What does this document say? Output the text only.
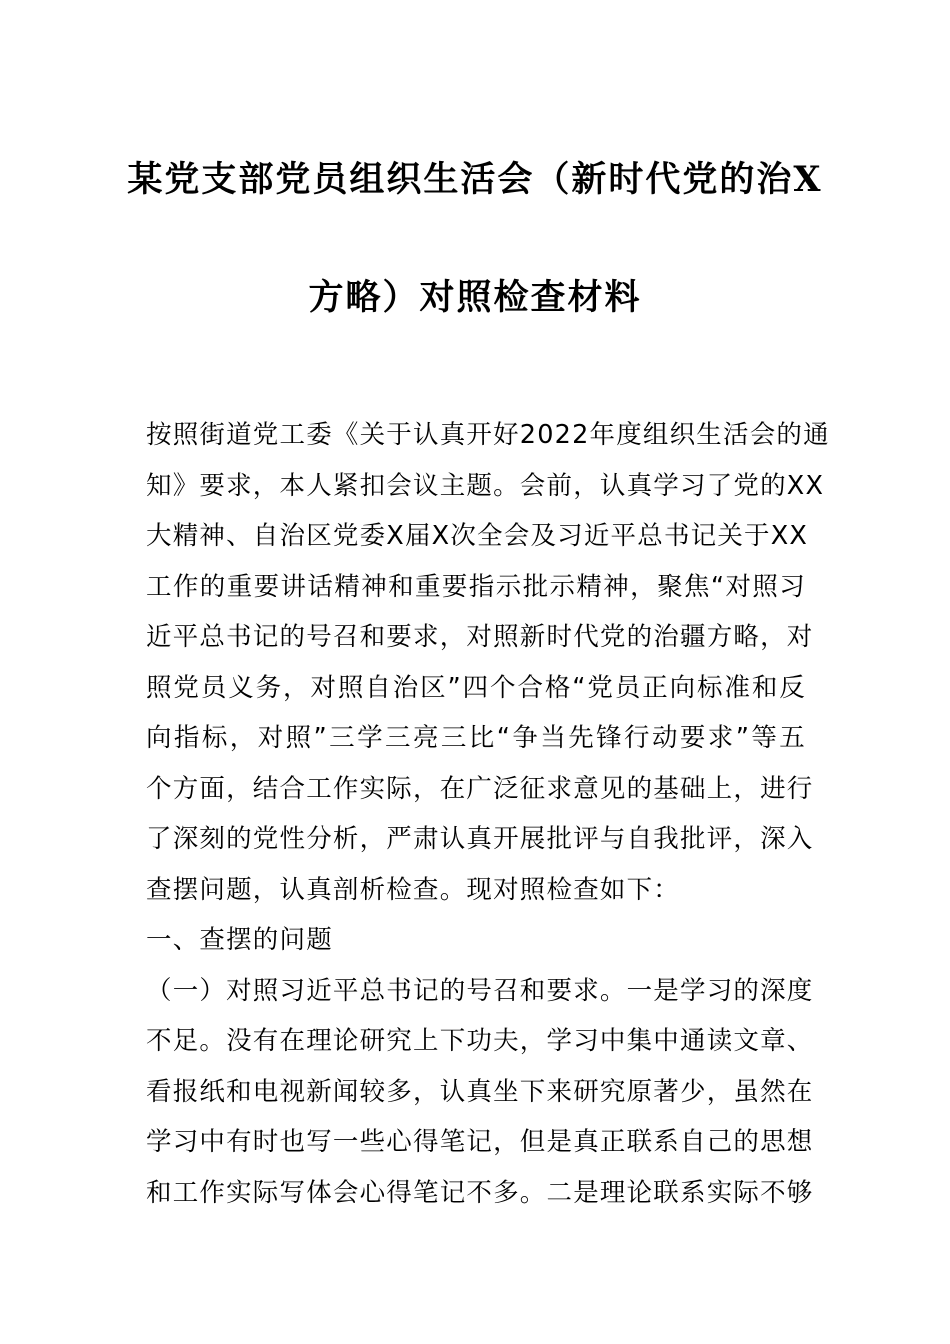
某党支部党员组织生活会（新时代党的治X
方略）对照检查材料
按照街道党工委《关于认真开好2022年度组织生活会的通
知》要求，本人紧扣会议主题。会前，认真学习了党的XX
大精神、自治区党委X届X次全会及习近平总书记关于XX
工作的重要讲话精神和重要指示批示精神，聚焦“对照习
近平总书记的号召和要求，对照新时代党的治疆方略，对
照党员义务，对照自治区”四个合格“党员正向标准和反
向指标，对照”三学三亮三比“争当先锋行动要求”等五
个方面，结合工作实际，在广泛征求意见的基础上，进行
了深刻的党性分析，严肃认真开展批评与自我批评，深入
查摆问题，认真剖析检查。现对照检查如下：
一、查摆的问题
（一）对照习近平总书记的号召和要求。一是学习的深度
不足。没有在理论研究上下功夫，学习中集中通读文章、
看报纸和电视新闻较多，认真坐下来研究原著少，虽然在
学习中有时也写一些心得笔记，但是真正联系自己的思想
和工作实际写体会心得笔记不多。二是理论联系实际不够
